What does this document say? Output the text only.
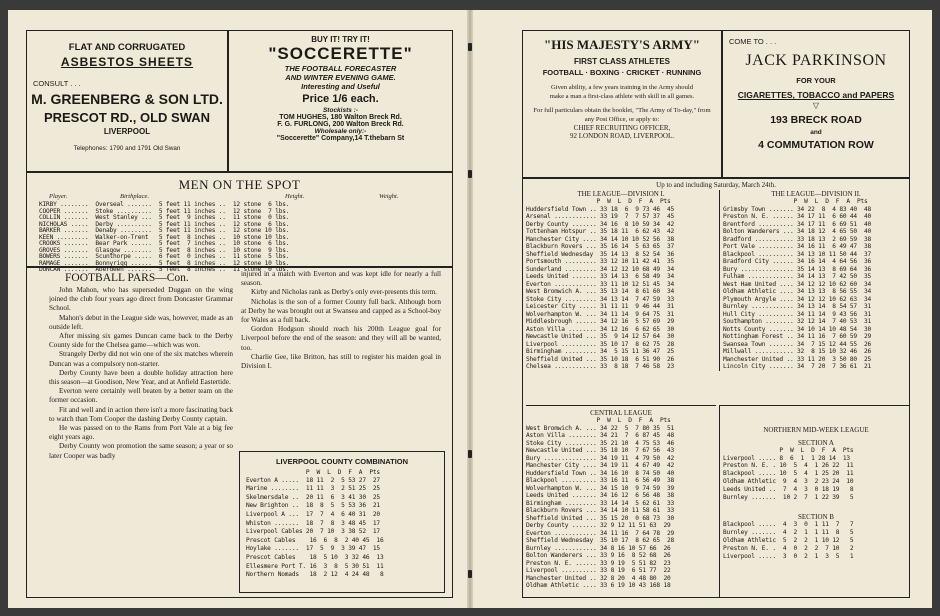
FLAT AND CORRUGATED
ASBESTOS SHEETS
CONSULT . . .
M. GREENBERG & SON LTD.
PRESCOT RD., OLD SWAN
LIVERPOOL
Telephones: 1790 and 1791 Old Swan
BUY IT! TRY IT!
"SOCCERETTE"
THE FOOTBALL FORECASTER
AND WINTER EVENING GAME.
Interesting and Useful
Price 1/6 each.
Stockists :-
TOM HUGHES, 180 Walton Breck Rd.
F. G. FURLONG, 200 Walton Breck Rd.
Wholesale only:-
"Soccerette" Company,14 T.thebarn St
MEN ON THE SPOT
Player.	Birthplace.	Height.	Weight.
KIRBY ........  Overseal .......  5 feet 11 inches ..  12 stone  6 lbs.
COOPER .......  Stoke ..........  5 feet 11 inches ..  12 stone  7 lbs.
COLLIN .......  West Stanley ...  5 feet  9 inches ..  11 stone  0 lbs.
NICHOLAS .....  Derby ..........  5 feet 11 inches ..  12 stone  6 lbs.
BARKER .......  Denaby .........  5 feet 11 inches ..  12 stone 10 lbs.
KEEN .........  Walker-on-Trent   5 feet  8 inches ..  10 stone 10 lbs.
CROOKS .......  Bear Park ......  5 feet  7 inches ..  10 stone  6 lbs.
GROVES .......  Glasgow ........  5 feet  8 inches ..  10 stone  9 lbs.
BOWERS .......  Scunthorpe .....  6 feet  0 inches ..  11 stone  5 lbs.
RAMAGE .......  Bonnyrigg ......  5 feet  8 inches ..  12 stone 10 lbs.
DUNCAN .......  Aberdeen .......  5 feet  8 inches ..  11 stone  0 lbs.
FOOTBALL PARS—Con.

John Mahon, who has superseded Duggan on the wing joined the club four years ago direct from Doncaster Grammar School.

Mahon's debut in the League side was, however, made as an outside left.

After missing six games Duncan came back to the Derby County side for the Chelsea game—which was won.

Strangely Derby did not win one of the six matches wherein Duncan was a compulsory non-starter.

Derby County have been a double holiday attraction here this season—at Goodison, New Year, and at Anfield Eastertide.

Everton were certainly well beaten by a better team on the former occasion.

Fit and well and in action there isn't a more fascinating back to watch than Tom Cooper the dashing Derby County captain.

He was passed on to the Rams from Port Vale at a big fee eight years ago.

Derby County won promotion the same season; a year or so later Cooper was badly

injured in a match with Everton and was kept idle for nearly a full season.

Kirby and Nicholas rank as Derby's only ever-presents this term.

Nicholas is the son of a former County full back. Although born at Derby he was brought out at Swansea and capped as a School-boy for Wales as a full back.

Gordon Hodgson should reach his 200th League goal for Liverpool before the end of the season: and they will all be wanted, too.

Charlie Gee, like Britton, has still to register his maiden goal in Division I.

LIVERPOOL COUNTY COMBINATION
P  W  L  D  F  A  Pts
Everton A .....  18 11  2  5 53 27  27
Marine ........  11 11  3  2 51 25  25
Skelmersdale ..  20 11  6  3 41 30  25
New Brighton ..  18  8  5  5 53 36  21
Liverpool A ...  17  7  4  6 40 31  20
Whiston .......  18  7  8  3 48 45  17
Liverpool Cables 20  7 10  3 38 52  17
Prescot Cables    16  6  8  2 40 45  16
Hoylake .......  17  5  9  3 39 47  15
Prescot Cables    18  5 10  3 32 46  13
Ellesmere Port T. 16  3  8  5 30 51  11
Northern Nomads   18  2 12  4 24 48   8
"HIS MAJESTY'S ARMY"
FIRST CLASS ATHLETES
FOOTBALL · BOXING · CRICKET · RUNNING
Given ability, a few years training in the Army should make a man a first-class athlete with skill in all games.
For full particulars obtain the booklet, "The Army of To-day," from any Post Office, or apply to:
CHIEF RECRUITING OFFICER,
92 LONDON ROAD, LIVERPOOL.
COME TO . . .
JACK PARKINSON
FOR YOUR
CIGARETTES, TOBACCO and PAPERS
▽
193 BRECK ROAD
and
4 COMMUTATION ROW
Up to and including Saturday, March 24th.
THE LEAGUE—DIVISION I.
P  W  L  D  F  A  Pts
Huddersfield Town .. 33 18  6  9 73 46  45
Arsenal ............ 33 19  7  7 57 37  45
Derby County ....... 34 16  8 10 59 34  42
Tottenham Hotspur .. 35 18 11  6 62 43  42
Manchester City .... 34 14 10 10 52 56  38
Blackburn Rovers ... 35 16 14  5 63 65  37
Sheffield Wednesday  35 14 13  8 52 54  36
Portsmouth ......... 33 12 10 11 42 41  35
Sunderland ......... 34 12 12 10 68 49  34
Leeds United ....... 33 14 13  6 58 49  34
Everton ............ 33 11 10 12 51 45  34
West Bromwich A. ... 35 13 14  8 61 60  34
Stoke City ......... 34 13 14  7 47 59  33
Leicester City ..... 31 11 11  9 46 44  31
Wolverhampton W. ... 34 11 14  9 64 75  31
Middlesbrough ...... 34 12 16  5 57 69  29
Aston Villa ........ 34 12 16  6 62 65  30
Newcastle United ... 35  9 14 12 57 64  30
Liverpool .......... 35 10 17  8 62 75  28
Birmingham ......... 34  5 15 11 36 47  25
Sheffield United ... 35 10 18  6 51 90  26
Chelsea ............ 33  8 18  7 46 58  23
THE LEAGUE—DIVISION II.
P  W  L  D  F  A  Pts
Grimsby Town ....... 34 22  8  4 83 40  48
Preston N. E. ...... 34 17 11  6 60 44  40
Brentford .......... 34 17 11  6 69 51  40
Bolton Wanderers ... 34 18 12  4 65 50  40
Bradford ........... 33 18 13  2 69 59  38
Port Vale .......... 34 16 11  6 49 47  38
Blackpool .......... 34 13 10 11 50 44  37
Bradford City ...... 34 16 14  4 64 56  36
Bury ............... 35 14 13  8 69 64  36
Fulham ............. 34 14 13  7 42 50  35
West Ham United .... 34 12 12 10 62 60  34
Oldham Athletic .... 34 13 13  8 56 55  34
Plymouth Argyle .... 34 12 12 10 62 63  34
Burnley ............ 34 13 14  8 54 57  31
Hull City .......... 34 11 14  9 43 56  31
Southampton ........ 32 12 14  7 40 53  31
Notts County ....... 34 10 14 10 48 54  30
Nottingham Forest .. 34 11 16  7 60 59  29
Swansea Town ....... 34  7 15 12 44 55  26
Millwall ........... 32  8 15 10 32 46  26
Manchester United .. 33 11 20  3 50 80  25
Lincoln City ....... 34  7 20  7 36 61  21
CENTRAL LEAGUE
P  W  L  D  F  A  Pts
West Bromwich A. ... 34 22  5  7 80 35  51
Aston Villa ........ 34 21  7  6 87 45  48
Stoke City ......... 35 21 10  4 75 53  46
Newcastle United ... 35 18 10  7 67 56  43
Bury ............... 34 19 11  4 79 50  42
Manchester City .... 34 19 11  4 67 49  42
Huddersfield Town .. 34 16 10  8 74 50  40
Blackpool .......... 33 16 11  6 56 49  38
Wolverhampton W. ... 34 15 10  9 74 59  39
Leeds United ....... 34 16 12  6 56 48  38
Birmingham ......... 33 14 14  5 62 61  33
Blackburn Rovers ... 34 14 10 11 58 61  33
Sheffield United ... 35 15 20  0 68 73  30
Derby County ....... 32 9 12 11 51 63  29
Everton ............ 34 11 16  7 64 78  29
Sheffield Wednesday  35 10 17  8 62 65  28
Burnley ............ 34 8 16 10 57 66  26
Bolton Wanderers ... 33 9 16  8 52 68  26
Preston N. E. ...... 33 9 19  5 51 82  23
Liverpool .......... 33 8 19  6 51 77  22
Manchester United .. 32 8 20  4 48 80  20
Oldham Athletic .... 33 6 19 10 43 168 18
NORTHERN MID-WEEK LEAGUE
SECTION A
P  W  L  D  F  A  Pts
Liverpool ..... 8  6  1  1 28 14  13
Preston N. E. . 10  5  4  1 26 22  11
Blackpool ..... 10  5  4  1 25 20  11
Oldham Athletic  9  4  3  2 23 24  10
Leeds United ..  7  4  3  0 18 19   8
Burnley .......  10 2  7  1 22 39   5
SECTION B
Blackpool .....  4  3  0  1 11  7   7
Burnley .......  4  2  1  1 11  8   5
Oldham Athletic  5  2  2  1 10 12   5
Preston N. E. .  4  0  2  2  7 10   2
Liverpool .....  3  0  2  1  3  5   1
